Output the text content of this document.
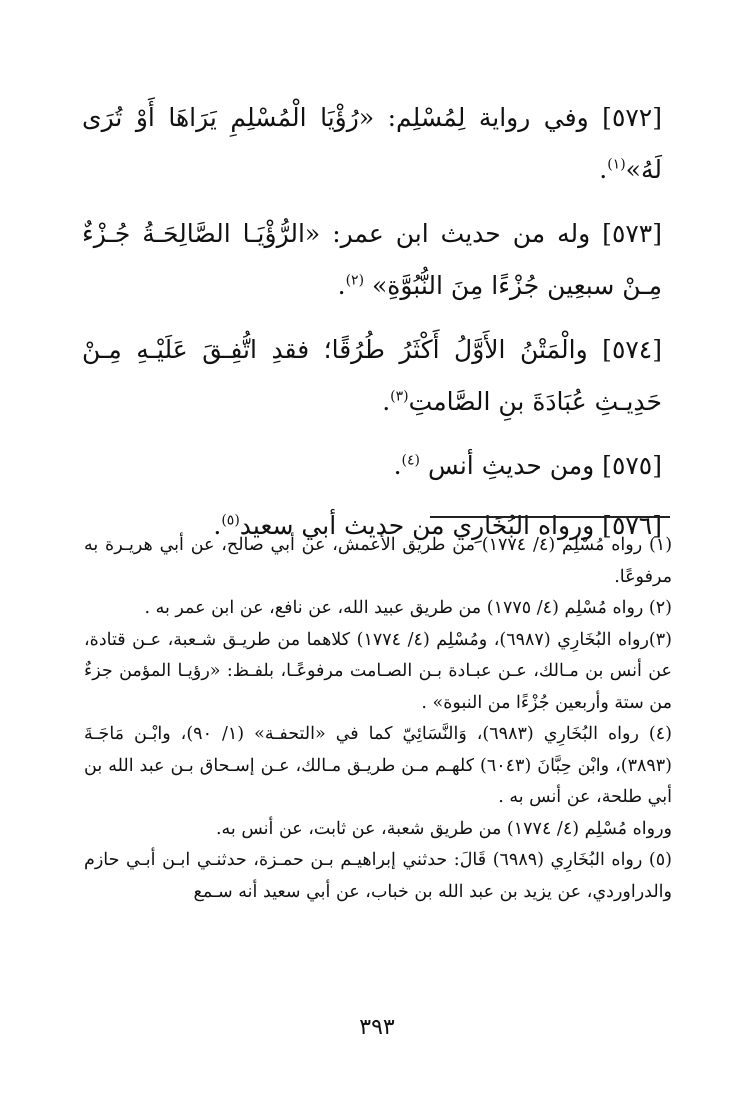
[٥٧٢] وفي رواية لِمُسْلِم: «رُؤْيَا الْمُسْلِمِ يَرَاهَا أَوْ تُرَى لَهُ»$^{(١)}$.

[٥٧٣] وله من حديث ابن عمر: «الرُّؤْيَـا الصَّالِحَـةُ جُـزْءٌ مِـنْ سبعِين جُزْءًا مِنَ النُّبُوَّةِ» $^{(٢)}$.

[٥٧٤] والْمَتْنُ الأَوَّلُ أَكْثَرُ طُرُقًا؛ فقدِ اتُّفِـقَ عَلَيْـهِ مِـنْ حَدِيـثِ عُبَادَةَ بنِ الصَّامتِ$^{(٣)}$.

[٥٧٥] ومن حديثِ أنس $^{(٤)}$.

[٥٧٦] ورواه البُخَارِي من حديث أبي سعيد$^{(٥)}$.

(١) رواه مُسْلِم (٤/ ١٧٧٤) من طريق الأعمش، عن أبي صالح، عن أبي هريـرة به مرفوعًا.

(٢) رواه مُسْلِم (٤/ ١٧٧٥) من طريق عبيد الله، عن نافع، عن ابن عمر به .

(٣)رواه البُخَارِي (٦٩٨٧)، ومُسْلِم (٤/ ١٧٧٤) كلاهما من طريـق شـعبة، عـن قتادة، عن أنس بن مـالك، عـن عبـادة بـن الصـامت مرفوعًـا، بلفـظ: «رؤيـا المؤمن جزءٌ من ستة وأربعين جُزْءًا من النبوة» .

(٤) رواه البُخَارِي (٦٩٨٣)، وَالنَّسَائِيّ كما في «التحفـة» (١/ ٩٠)، وابْـن مَاجَـةَ (٣٨٩٣)، وابْن حِبَّانَ (٦٠٤٣) كلهـم مـن طريـق مـالك، عـن إسـحاق بـن عبد الله بن أبي طلحة، عن أنس به .

ورواه مُسْلِم (٤/ ١٧٧٤) من طريق شعبة، عن ثابت، عن أنس به.

(٥) رواه البُخَارِي (٦٩٨٩) قَالَ: حدثني إبراهيـم بـن حمـزة، حدثنـي ابـن أبـي حازم والدراوردي، عن يزيد بن عبد الله بن خباب، عن أبي سعيد أنه سـمع

٣٩٣
